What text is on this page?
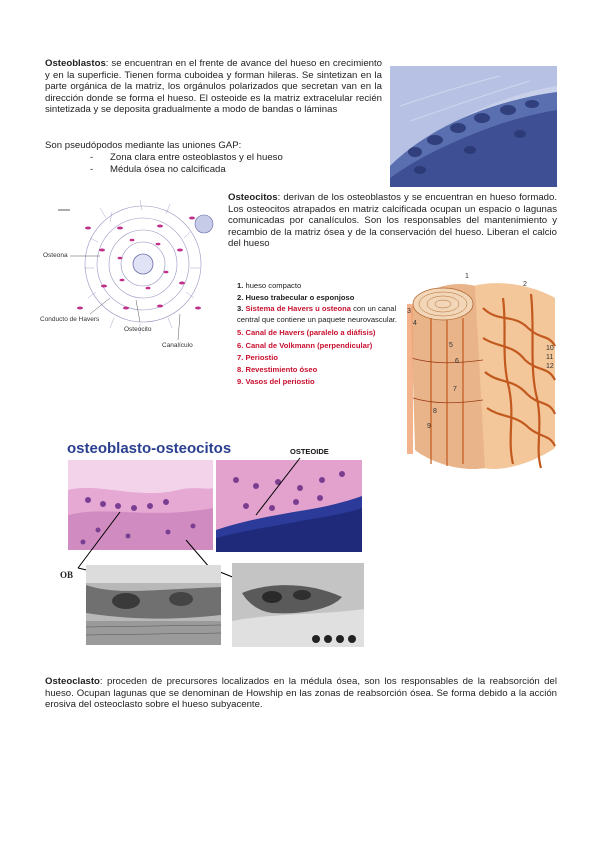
Osteoblastos: se encuentran en el frente de avance del hueso en crecimiento y en la superficie. Tienen forma cuboidea y forman hileras. Se sintetizan en la parte orgánica de la matriz, los orgánulos polarizados que secretan van en la dirección donde se forma el hueso. El osteoide es la matriz extracelular recién sintetizada y se deposita gradualmente a modo de bandas o láminas
Son pseudópodos mediante las uniones GAP:
- Zona clara entre osteoblastos y el hueso
- Médula ósea no calcificada
Osteona
Conducto de Havers
Osteocito
Canalículo
Osteocitos: derivan de los osteoblastos y se encuentran en hueso formado. Los osteocitos atrapados en matriz calcificada ocupan un espacio o lagunas comunicadas por canalículos. Son los responsables del mantenimiento y recambio de la matriz ósea y de la conservación del hueso. Liberan el calcio del hueso
1. hueso compacto
2. Hueso trabecular o esponjoso
3. Sistema de Havers u osteona con un canal central que contiene un paquete neurovascular.
5. Canal de Havers (paralelo a diáfisis)
6. Canal de Volkmann (perpendicular)
7. Periostio
8. Revestimiento óseo
9. Vasos del periostio
1
2
3
4
5
6
7
8
9
10
11
12
osteoblasto-osteocitos	OSTEOIDE
OB
Osteoclasto: proceden de precursores localizados en la médula ósea, son los responsables de la reabsorción del hueso. Ocupan lagunas que se denominan de Howship en las zonas de reabsorción ósea. Se forma debido a la acción erosiva del osteoclasto sobre el hueso subyacente.
